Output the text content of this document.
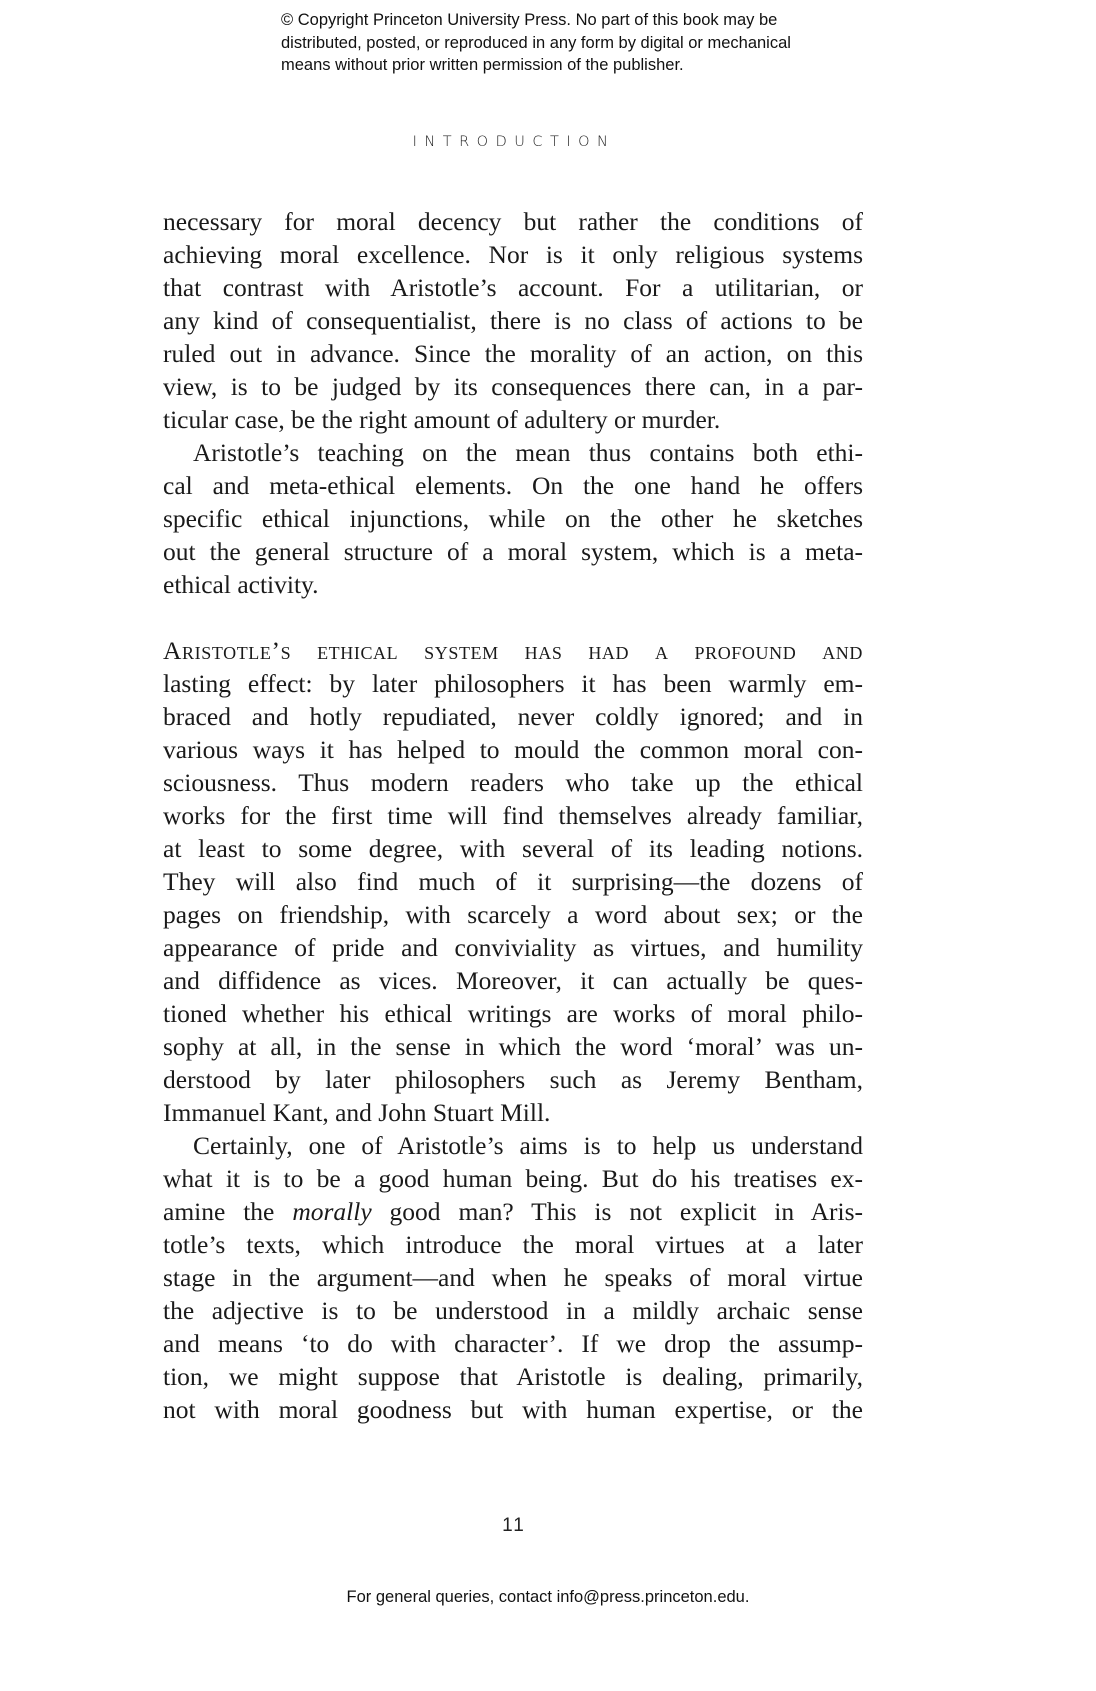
© Copyright Princeton University Press. No part of this book may be
distributed, posted, or reproduced in any form by digital or mechanical
means without prior written permission of the publisher.
INTRODUCTION
necessary for moral decency but rather the conditions of
achieving moral excellence. Nor is it only religious systems
that contrast with Aristotle’s account. For a utilitarian, or
any kind of consequentialist, there is no class of actions to be
ruled out in advance. Since the morality of an action, on this
view, is to be judged by its consequences there can, in a par-
ticular case, be the right amount of adultery or murder.
Aristotle’s teaching on the mean thus contains both ethi-
cal and meta-ethical elements. On the one hand he offers
specific ethical injunctions, while on the other he sketches
out the general structure of a moral system, which is a meta-
ethical activity.
Aristotle’s ethical system has had a profound and
lasting effect: by later philosophers it has been warmly em-
braced and hotly repudiated, never coldly ignored; and in
various ways it has helped to mould the common moral con-
sciousness. Thus modern readers who take up the ethical
works for the first time will find themselves already familiar,
at least to some degree, with several of its leading notions.
They will also find much of it surprising—the dozens of
pages on friendship, with scarcely a word about sex; or the
appearance of pride and conviviality as virtues, and humility
and diffidence as vices. Moreover, it can actually be ques-
tioned whether his ethical writings are works of moral philo-
sophy at all, in the sense in which the word ‘moral’ was un-
derstood by later philosophers such as Jeremy Bentham,
Immanuel Kant, and John Stuart Mill.
Certainly, one of Aristotle’s aims is to help us understand
what it is to be a good human being. But do his treatises ex-
amine the morally good man? This is not explicit in Aris-
totle’s texts, which introduce the moral virtues at a later
stage in the argument—and when he speaks of moral virtue
the adjective is to be understood in a mildly archaic sense
and means ‘to do with character’. If we drop the assump-
tion, we might suppose that Aristotle is dealing, primarily,
not with moral goodness but with human expertise, or the
11
For general queries, contact info@press.princeton.edu.
